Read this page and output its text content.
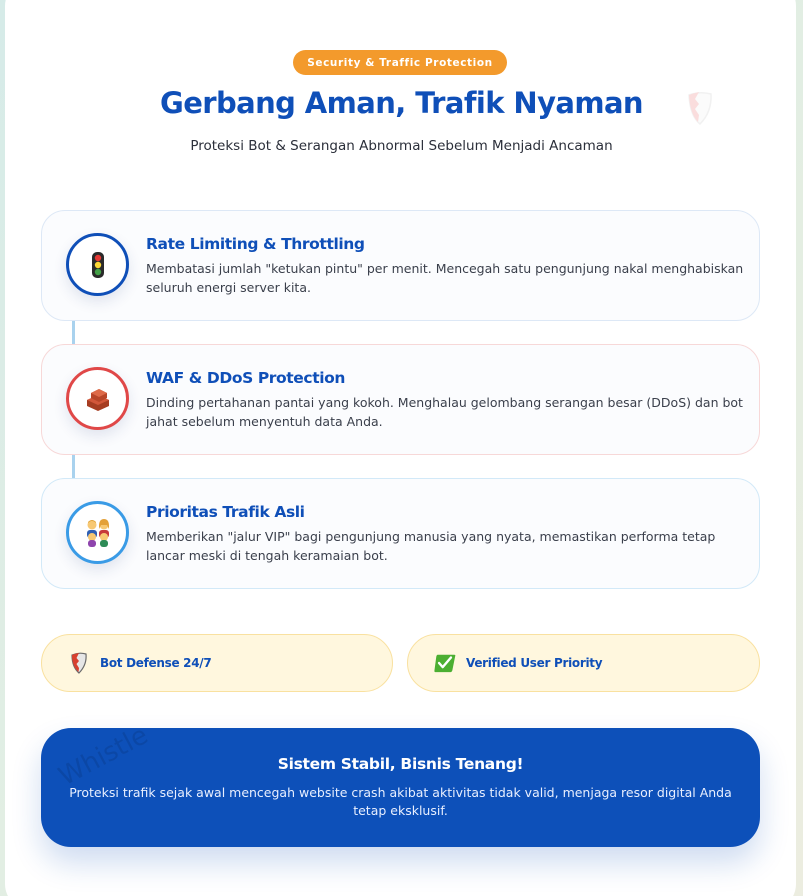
Security & Traffic Protection
Gerbang Aman, Trafik Nyaman

Proteksi Bot & Serangan Abnormal Sebelum Menjadi Ancaman

Rate Limiting & Throttling
Membatasi jumlah "ketukan pintu" per menit. Mencegah satu pengunjung nakal menghabiskan seluruh energi server kita.
WAF & DDoS Protection
Dinding pertahanan pantai yang kokoh. Menghalau gelombang serangan besar (DDoS) dan bot jahat sebelum menyentuh data Anda.
Prioritas Trafik Asli
Memberikan "jalur VIP" bagi pengunjung manusia yang nyata, memastikan performa tetap lancar meski di tengah keramaian bot.
Bot Defense 24/7	Verified User Priority
Sistem Stabil, Bisnis Tenang!
Proteksi trafik sejak awal mencegah website crash akibat aktivitas tidak valid, menjaga resor digital Anda tetap eksklusif.
